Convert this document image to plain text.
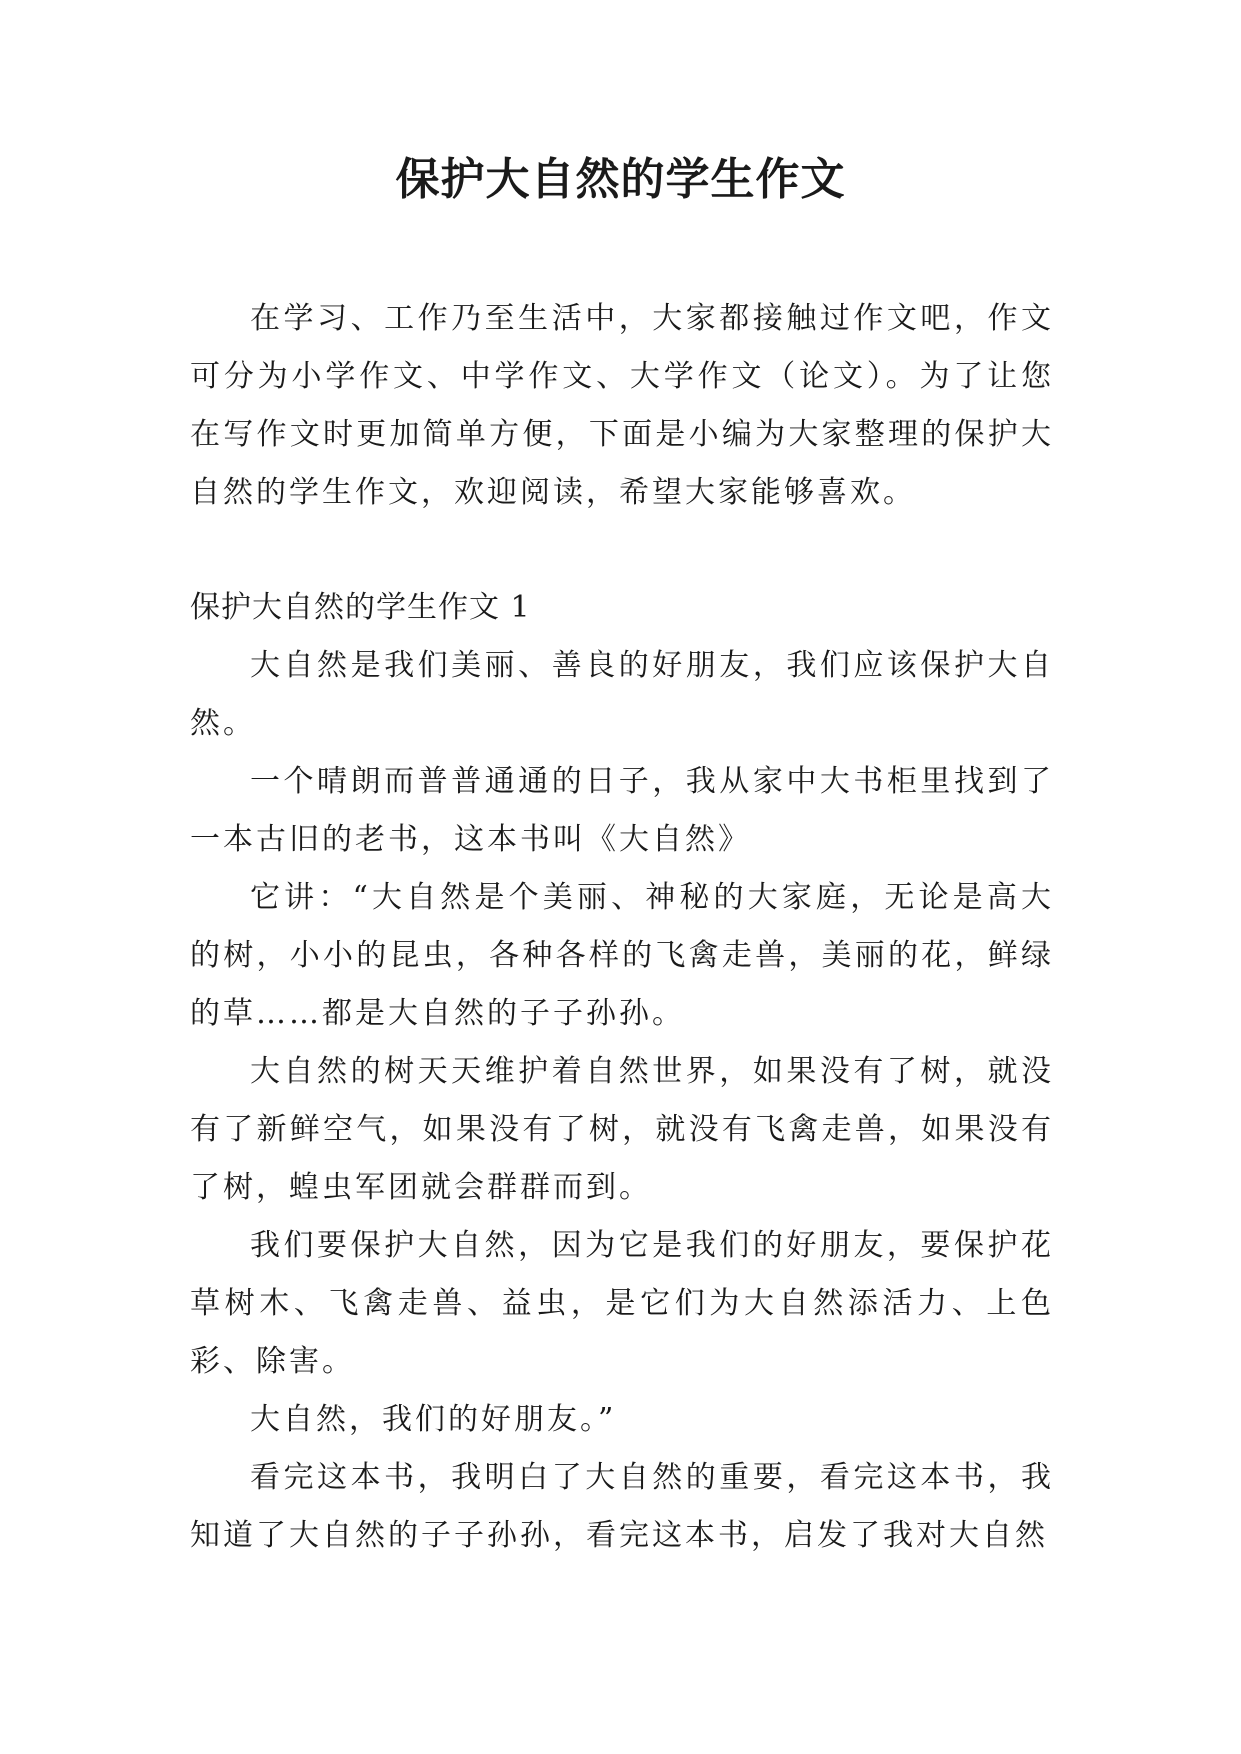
保护大自然的学生作文

在学习、工作乃至生活中，大家都接触过作文吧，作文可分为小学作文、中学作文、大学作文（论文）。为了让您在写作文时更加简单方便，下面是小编为大家整理的保护大自然的学生作文，欢迎阅读，希望大家能够喜欢。

保护大自然的学生作文 1

大自然是我们美丽、善良的好朋友，我们应该保护大自然。

一个晴朗而普普通通的日子，我从家中大书柜里找到了一本古旧的老书，这本书叫《大自然》

它讲：“大自然是个美丽、神秘的大家庭，无论是高大的树，小小的昆虫，各种各样的飞禽走兽，美丽的花，鲜绿的草……都是大自然的子子孙孙。

大自然的树天天维护着自然世界，如果没有了树，就没有了新鲜空气，如果没有了树，就没有飞禽走兽，如果没有了树，蝗虫军团就会群群而到。

我们要保护大自然，因为它是我们的好朋友，要保护花草树木、飞禽走兽、益虫，是它们为大自然添活力、上色彩、除害。

大自然，我们的好朋友。”

看完这本书，我明白了大自然的重要，看完这本书，我知道了大自然的子子孙孙，看完这本书，启发了我对大自然
